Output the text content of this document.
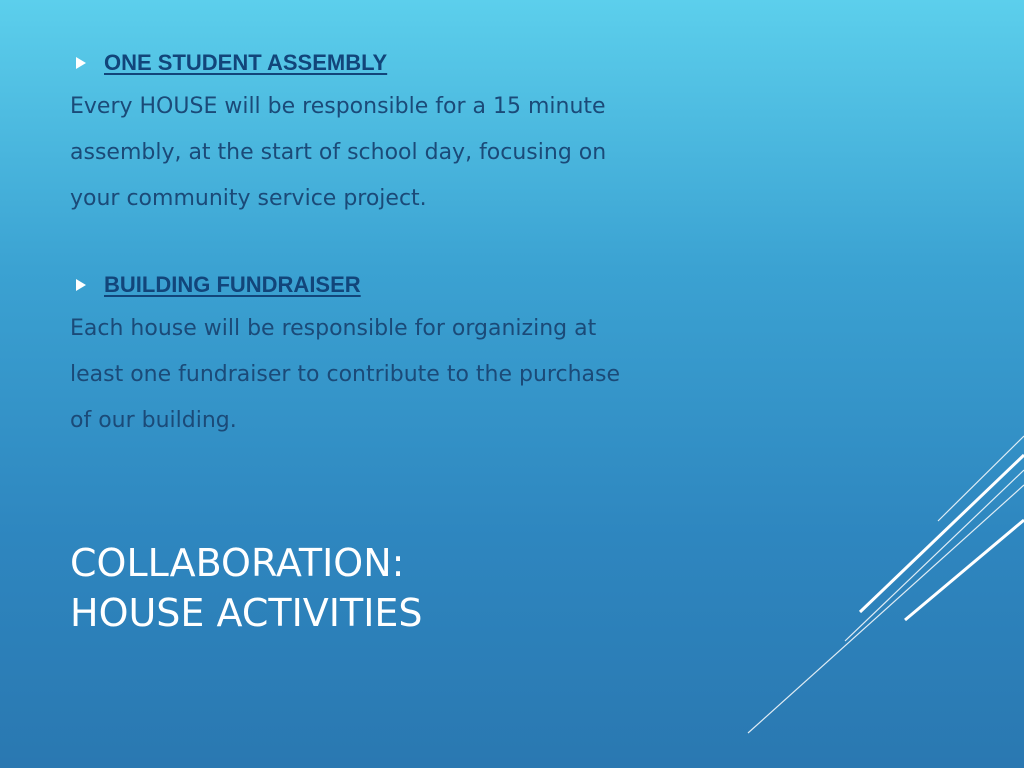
ONE STUDENT ASSEMBLY

Every HOUSE will be responsible for a 15 minute

assembly, at the start of school day, focusing on

your community service project.

BUILDING FUNDRAISER

Each house will be responsible for organizing at

least one fundraiser to contribute to the purchase

of our building.

COLLABORATION:
HOUSE ACTIVITIES
